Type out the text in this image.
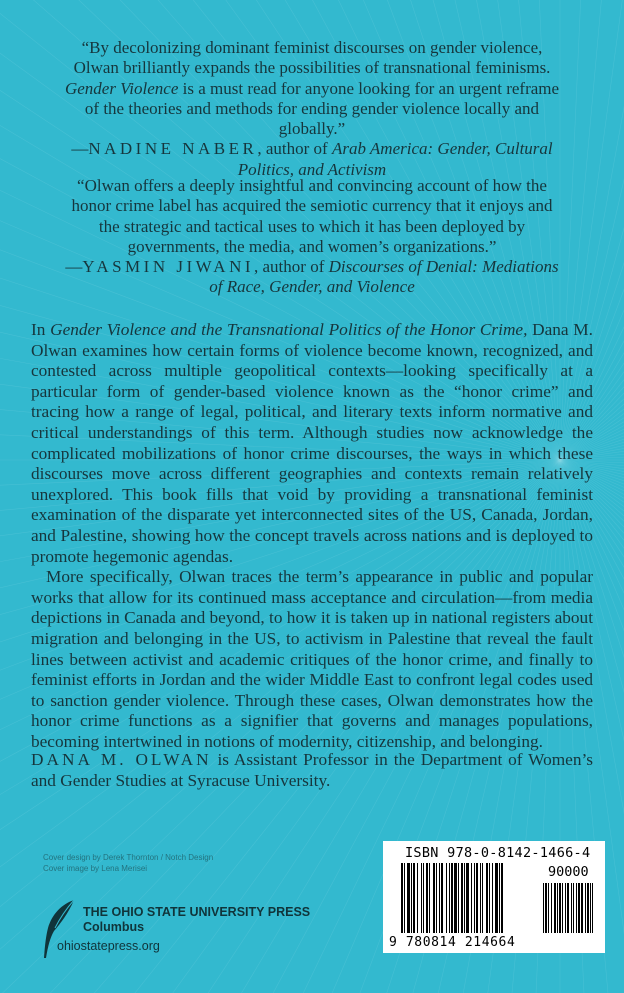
“By decolonizing dominant feminist discourses on gender violence, Olwan brilliantly expands the possibilities of transnational feminisms. Gender Violence is a must read for anyone looking for an urgent reframe of the theories and methods for ending gender violence locally and globally.”
—NADINE NABER, author of Arab America: Gender, Cultural Politics, and Activism
“Olwan offers a deeply insightful and convincing account of how the honor crime label has acquired the semiotic currency that it enjoys and the strategic and tactical uses to which it has been deployed by governments, the media, and women’s organizations.”
—YASMIN JIWANI, author of Discourses of Denial: Mediations of Race, Gender, and Violence

In Gender Violence and the Transnational Politics of the Honor Crime, Dana M. Olwan examines how certain forms of violence become known, recognized, and contested across multiple geopolitical contexts—looking specifically at a particular form of gender-based violence known as the “honor crime” and tracing how a range of legal, political, and literary texts inform normative and critical understandings of this term. Although studies now acknowledge the complicated mobilizations of honor crime discourses, the ways in which these discourses move across different geographies and contexts remain relatively unexplored. This book fills that void by providing a transnational feminist examination of the disparate yet interconnected sites of the US, Canada, Jordan, and Palestine, showing how the concept travels across nations and is deployed to promote hegemonic agendas.

More specifically, Olwan traces the term’s appearance in public and popular works that allow for its continued mass acceptance and circulation—from media depictions in Canada and beyond, to how it is taken up in national registers about migration and belonging in the US, to activism in Palestine that reveal the fault lines between activist and academic critiques of the honor crime, and finally to feminist efforts in Jordan and the wider Middle East to confront legal codes used to sanction gender violence. Through these cases, Olwan demonstrates how the honor crime functions as a signifier that governs and manages populations, becoming intertwined in notions of modernity, citizenship, and belonging.

DANA M. OLWAN is Assistant Professor in the Department of Women’s and Gender Studies at Syracuse University.

Cover design by Derek Thornton / Notch Design
Cover image by Lena Merisei
THE OHIO STATE UNIVERSITY PRESS
Columbus
ohiostatepress.org
ISBN 978-0-8142-1466-4
90000
9 780814 214664
